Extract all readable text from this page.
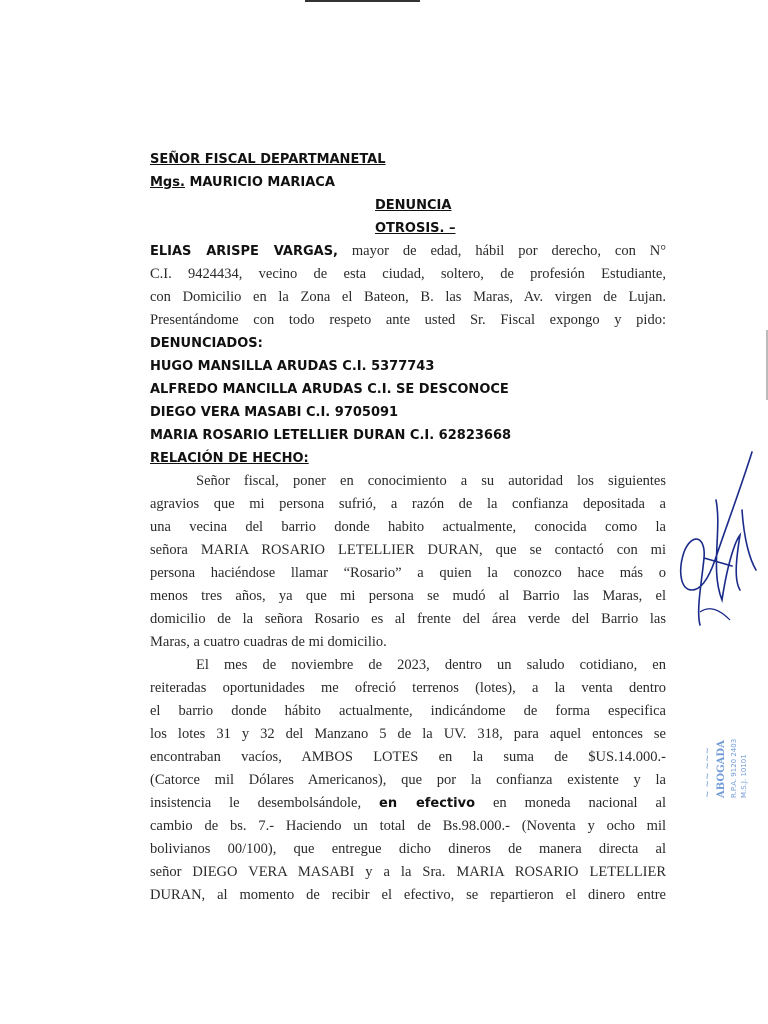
SEÑOR FISCAL DEPARTMANETAL
Mgs. MAURICIO MARIACA
DENUNCIA
OTROSIS. –
ELIAS ARISPE VARGAS, mayor de edad, hábil por derecho, con N°
C.I. 9424434, vecino de esta ciudad, soltero, de profesión Estudiante,
con Domicilio en la Zona el Bateon, B. las Maras, Av. virgen de Lujan.
Presentándome con todo respeto ante usted Sr. Fiscal expongo y pido:
DENUNCIADOS:
HUGO MANSILLA ARUDAS C.I. 5377743
ALFREDO MANCILLA ARUDAS C.I. SE DESCONOCE
DIEGO VERA MASABI C.I. 9705091
MARIA ROSARIO LETELLIER DURAN C.I. 62823668
RELACIÓN DE HECHO:
Señor fiscal, poner en conocimiento a su autoridad los siguientes
agravios que mi persona sufrió, a razón de la confianza depositada a
una vecina del barrio donde habito actualmente, conocida como la
señora MARIA ROSARIO LETELLIER DURAN, que se contactó con mi
persona haciéndose llamar “Rosario” a quien la conozco hace más o
menos tres años, ya que mi persona se mudó al Barrio las Maras, el
domicilio de la señora Rosario es al frente del área verde del Barrio las
Maras, a cuatro cuadras de mi domicilio.
El mes de noviembre de 2023, dentro un saludo cotidiano, en
reiteradas oportunidades me ofreció terrenos (lotes), a la venta dentro
el barrio donde hábito actualmente, indicándome de forma especifica
los lotes 31 y 32 del Manzano 5 de la UV. 318, para aquel entonces se
encontraban vacíos, AMBOS LOTES en la suma de $US.14.000.-
(Catorce mil Dólares Americanos), que por la confianza existente y la
insistencia le desembolsándole, en efectivo en moneda nacional al
cambio de bs. 7.- Haciendo un total de Bs.98.000.- (Noventa y ocho mil
bolivianos 00/100), que entregue dicho dineros de manera directa al
señor DIEGO VERA MASABI y a la Sra. MARIA ROSARIO LETELLIER
DURAN, al momento de recibir el efectivo, se repartieron el dinero entre
~ ~~ ~~~ ABOGADA R.P.A. 9120 2403 M.S.J. 10101
